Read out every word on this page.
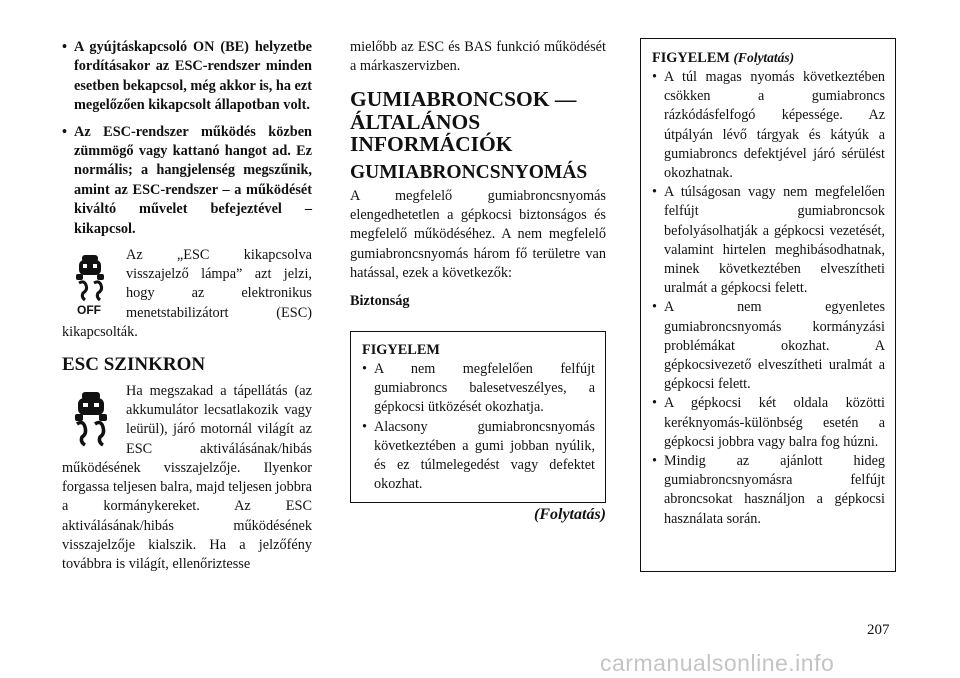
• A gyújtáskapcsoló ON (BE) helyzetbe fordításakor az ESC-rendszer minden esetben bekapcsol, még akkor is, ha ezt megelőzően kikapcsolt állapotban volt.

• Az ESC-rendszer működés közben zümmögő vagy kattanó hangot ad. Ez normális; a hangjelenség megszűnik, amint az ESC-rendszer – a működését kiváltó művelet befejeztével – kikapcsol.

OFF
Az „ESC kikapcsolva visszajelző lámpa” azt jelzi, hogy az elektronikus menetstabilizátort (ESC) kikapcsolták.
ESC SZINKRON
Ha megszakad a tápellátás (az akkumulátor lecsatlakozik vagy leürül), járó motornál világít az ESC aktiválásának/hibás működésének visszajelzője. Ilyenkor forgassa teljesen balra, majd teljesen jobbra a kormánykereket. Az ESC aktiválásának/hibás működésének visszajelzője kialszik. Ha a jelzőfény továbbra is világít, ellenőriztesse
mielőbb az ESC és BAS funkció működését a márkaszervizben.
GUMIABRONCSOK — ÁLTALÁNOS INFORMÁCIÓK
GUMIABRONCSNYOMÁS
A megfelelő gumiabroncsnyomás elengedhetetlen a gépkocsi biztonságos és megfelelő működéséhez. A nem megfelelő gumiabroncsnyomás három fő területre van hatással, ezek a következők:
Biztonság
FIGYELEM

• A nem megfelelően felfújt gumiabroncs balesetveszélyes, a gépkocsi ütközését okozhatja.

• Alacsony gumiabroncsnyomás következtében a gumi jobban nyúlik, és ez túlmelegedést vagy defektet okozhat.

(Folytatás)
FIGYELEM (Folytatás)

• A túl magas nyomás következtében csökken a gumiabroncs rázkódásfelfogó képessége. Az útpályán lévő tárgyak és kátyúk a gumiabroncs defektjével járó sérülést okozhatnak.

• A túlságosan vagy nem megfelelően felfújt gumiabroncsok befolyásolhatják a gépkocsi vezetését, valamint hirtelen meghibásodhatnak, minek következtében elveszítheti uralmát a gépkocsi felett.

• A nem egyenletes gumiabroncsnyomás kormányzási problémákat okozhat. A gépkocsivezető elveszítheti uralmát a gépkocsi felett.

• A gépkocsi két oldala közötti keréknyomás-különbség esetén a gépkocsi jobbra vagy balra fog húzni.

• Mindig az ajánlott hideg gumiabroncsnyomásra felfújt abroncsokat használjon a gépkocsi használata során.

207
carmanualsonline.info
